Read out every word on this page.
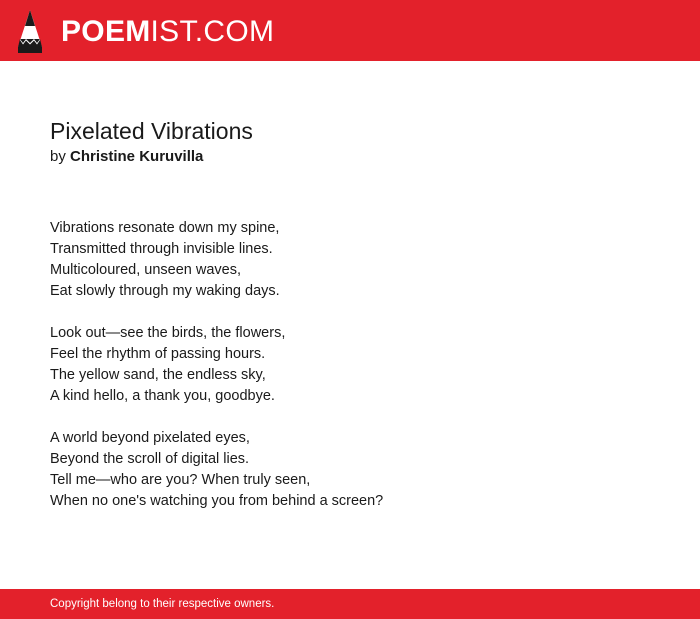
POEMIST.COM
Pixelated Vibrations
by Christine Kuruvilla
Vibrations resonate down my spine,
Transmitted through invisible lines.
Multicoloured, unseen waves,
Eat slowly through my waking days.
Look out—see the birds, the flowers,
Feel the rhythm of passing hours.
The yellow sand, the endless sky,
A kind hello, a thank you, goodbye.
A world beyond pixelated eyes,
Beyond the scroll of digital lies.
Tell me—who are you? When truly seen,
When no one's watching you from behind a screen?
Copyright belong to their respective owners.
